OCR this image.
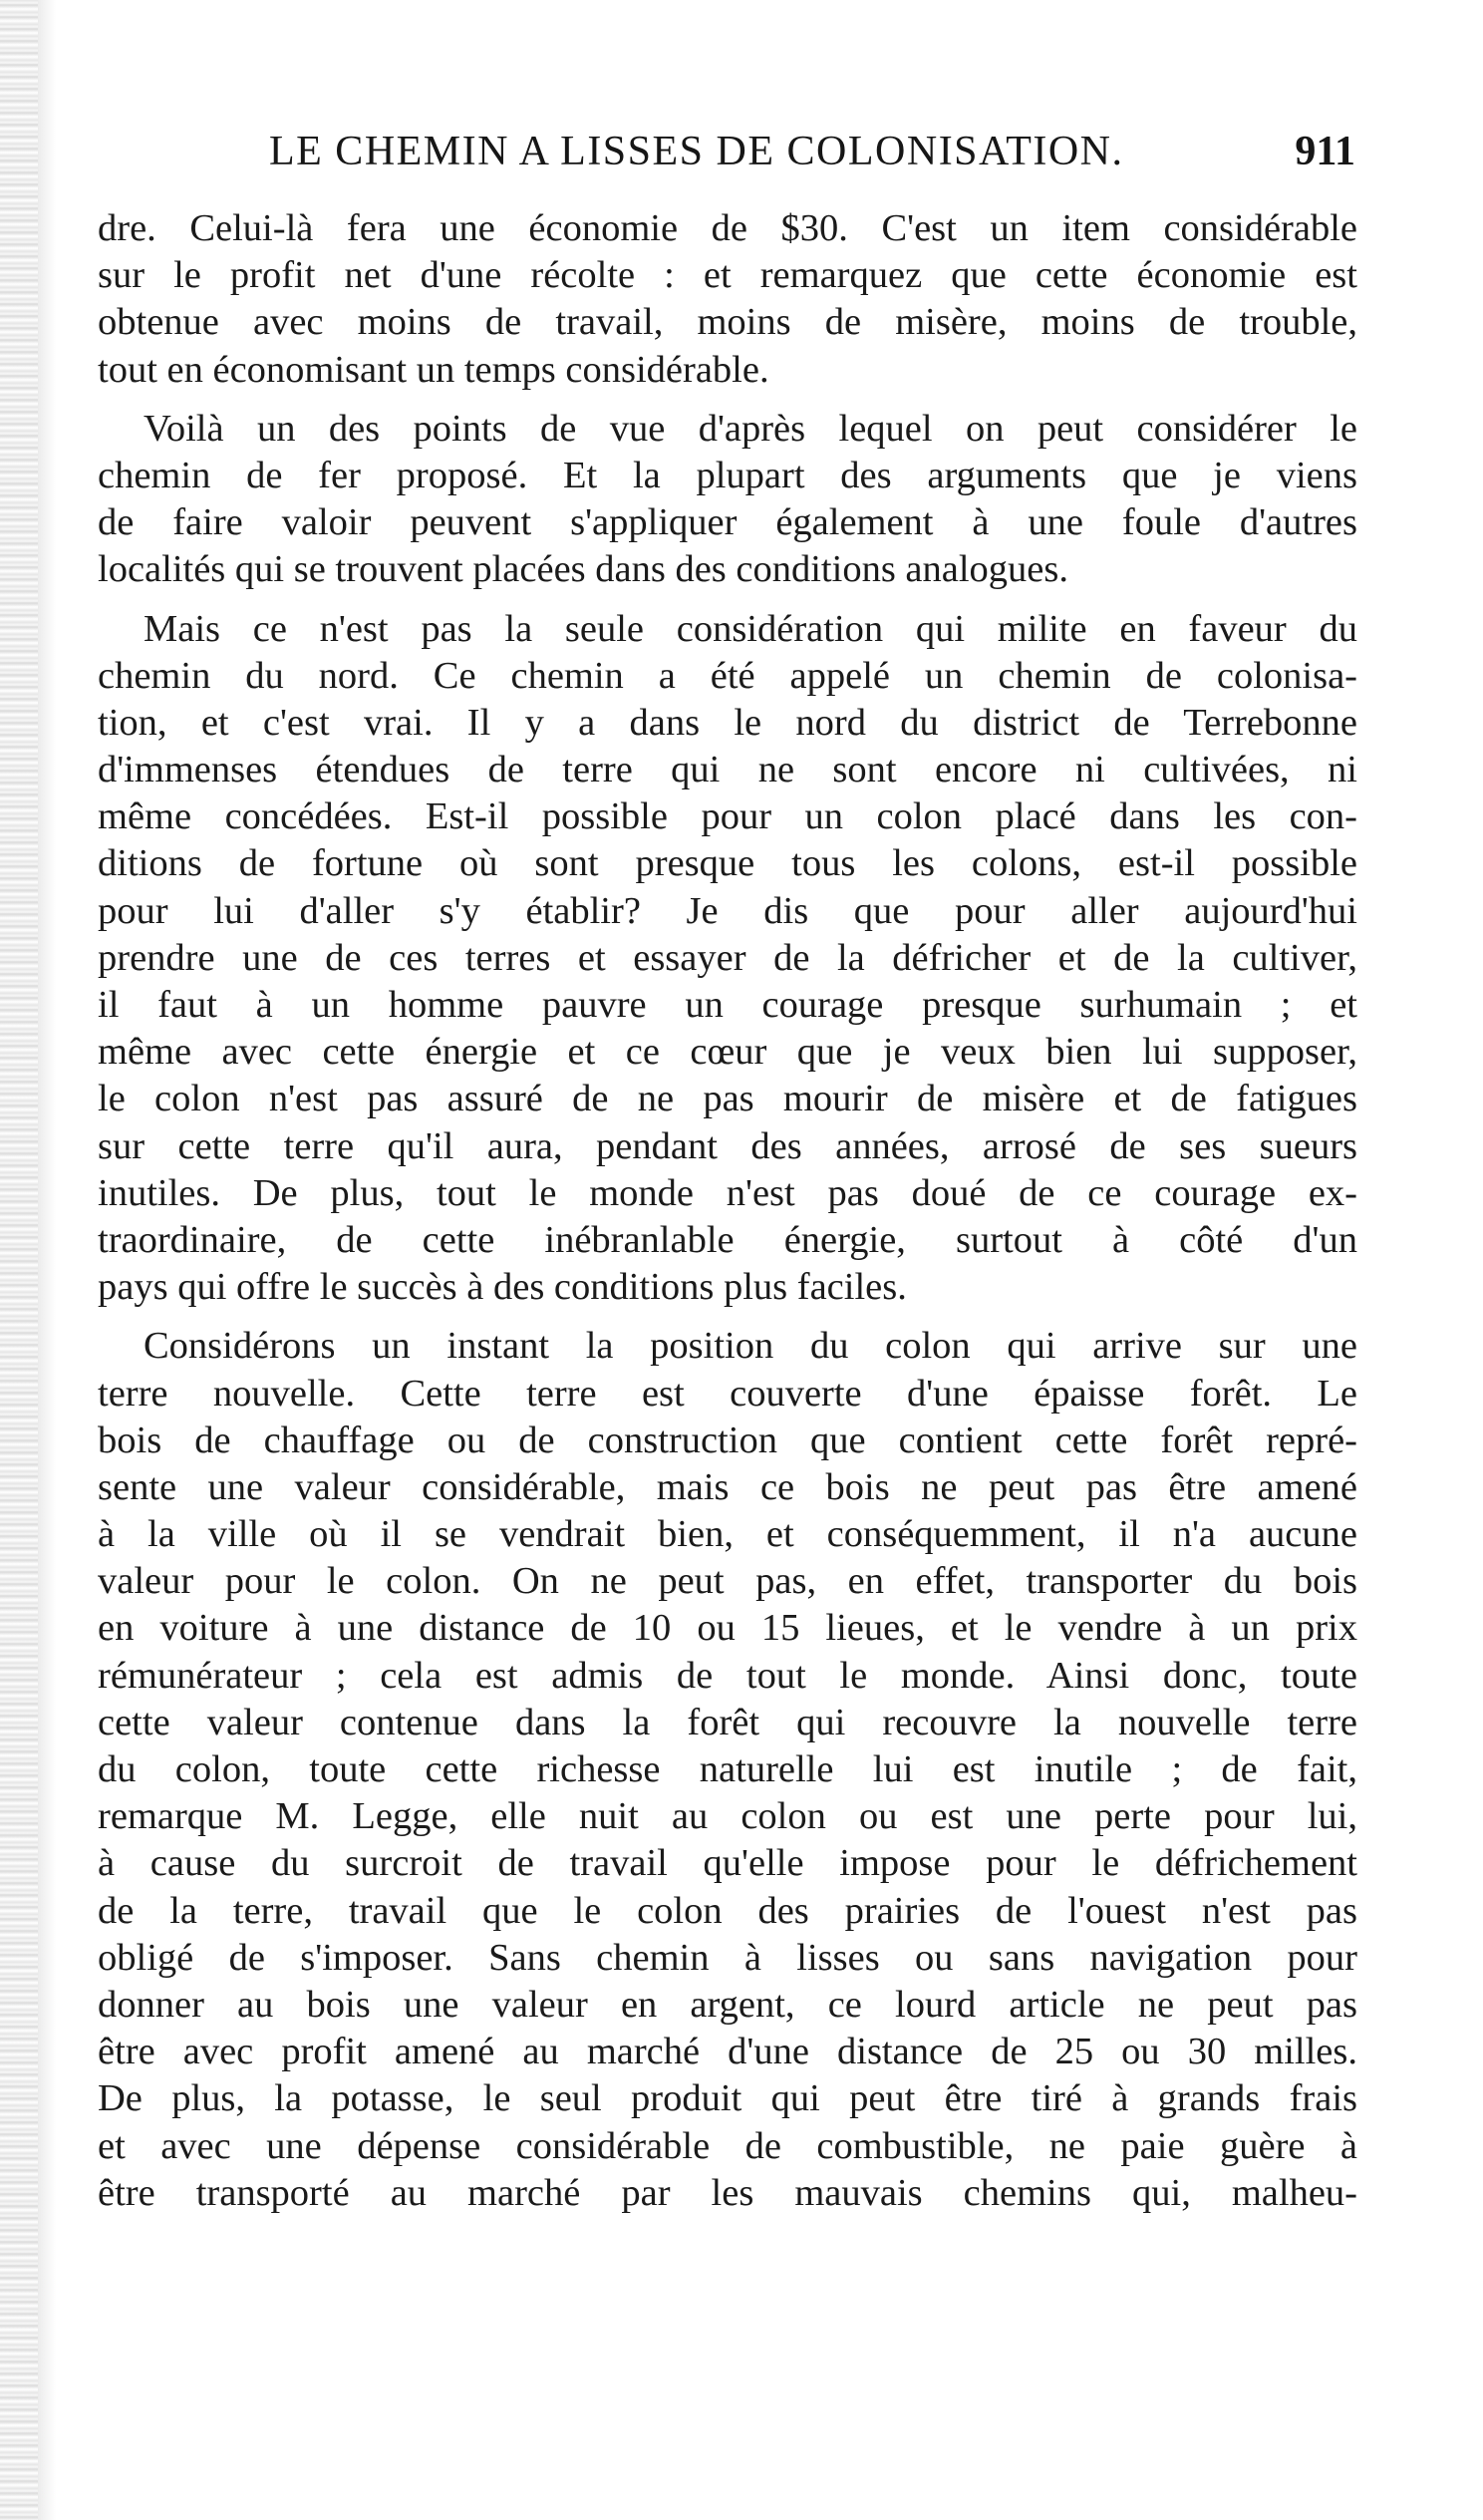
LE CHEMIN A LISSES DE COLONISATION.	911
dre. Celui-là fera une économie de $30. C'est un item considérable
sur le profit net d'une récolte : et remarquez que cette économie est
obtenue avec moins de travail, moins de misère, moins de trouble,
tout en économisant un temps considérable.
Voilà un des points de vue d'après lequel on peut considérer le
chemin de fer proposé. Et la plupart des arguments que je viens
de faire valoir peuvent s'appliquer également à une foule d'autres
localités qui se trouvent placées dans des conditions analogues.
Mais ce n'est pas la seule considération qui milite en faveur du
chemin du nord. Ce chemin a été appelé un chemin de colonisa-
tion, et c'est vrai. Il y a dans le nord du district de Terrebonne
d'immenses étendues de terre qui ne sont encore ni cultivées, ni
même concédées. Est-il possible pour un colon placé dans les con-
ditions de fortune où sont presque tous les colons, est-il possible
pour lui d'aller s'y établir? Je dis que pour aller aujourd'hui
prendre une de ces terres et essayer de la défricher et de la cultiver,
il faut à un homme pauvre un courage presque surhumain ; et
même avec cette énergie et ce cœur que je veux bien lui supposer,
le colon n'est pas assuré de ne pas mourir de misère et de fatigues
sur cette terre qu'il aura, pendant des années, arrosé de ses sueurs
inutiles. De plus, tout le monde n'est pas doué de ce courage ex-
traordinaire, de cette inébranlable énergie, surtout à côté d'un
pays qui offre le succès à des conditions plus faciles.
Considérons un instant la position du colon qui arrive sur une
terre nouvelle. Cette terre est couverte d'une épaisse forêt. Le
bois de chauffage ou de construction que contient cette forêt repré-
sente une valeur considérable, mais ce bois ne peut pas être amené
à la ville où il se vendrait bien, et conséquemment, il n'a aucune
valeur pour le colon. On ne peut pas, en effet, transporter du bois
en voiture à une distance de 10 ou 15 lieues, et le vendre à un prix
rémunérateur ; cela est admis de tout le monde. Ainsi donc, toute
cette valeur contenue dans la forêt qui recouvre la nouvelle terre
du colon, toute cette richesse naturelle lui est inutile ; de fait,
remarque M. Legge, elle nuit au colon ou est une perte pour lui,
à cause du surcroit de travail qu'elle impose pour le défrichement
de la terre, travail que le colon des prairies de l'ouest n'est pas
obligé de s'imposer. Sans chemin à lisses ou sans navigation pour
donner au bois une valeur en argent, ce lourd article ne peut pas
être avec profit amené au marché d'une distance de 25 ou 30 milles.
De plus, la potasse, le seul produit qui peut être tiré à grands frais
et avec une dépense considérable de combustible, ne paie guère à
être transporté au marché par les mauvais chemins qui, malheu-
